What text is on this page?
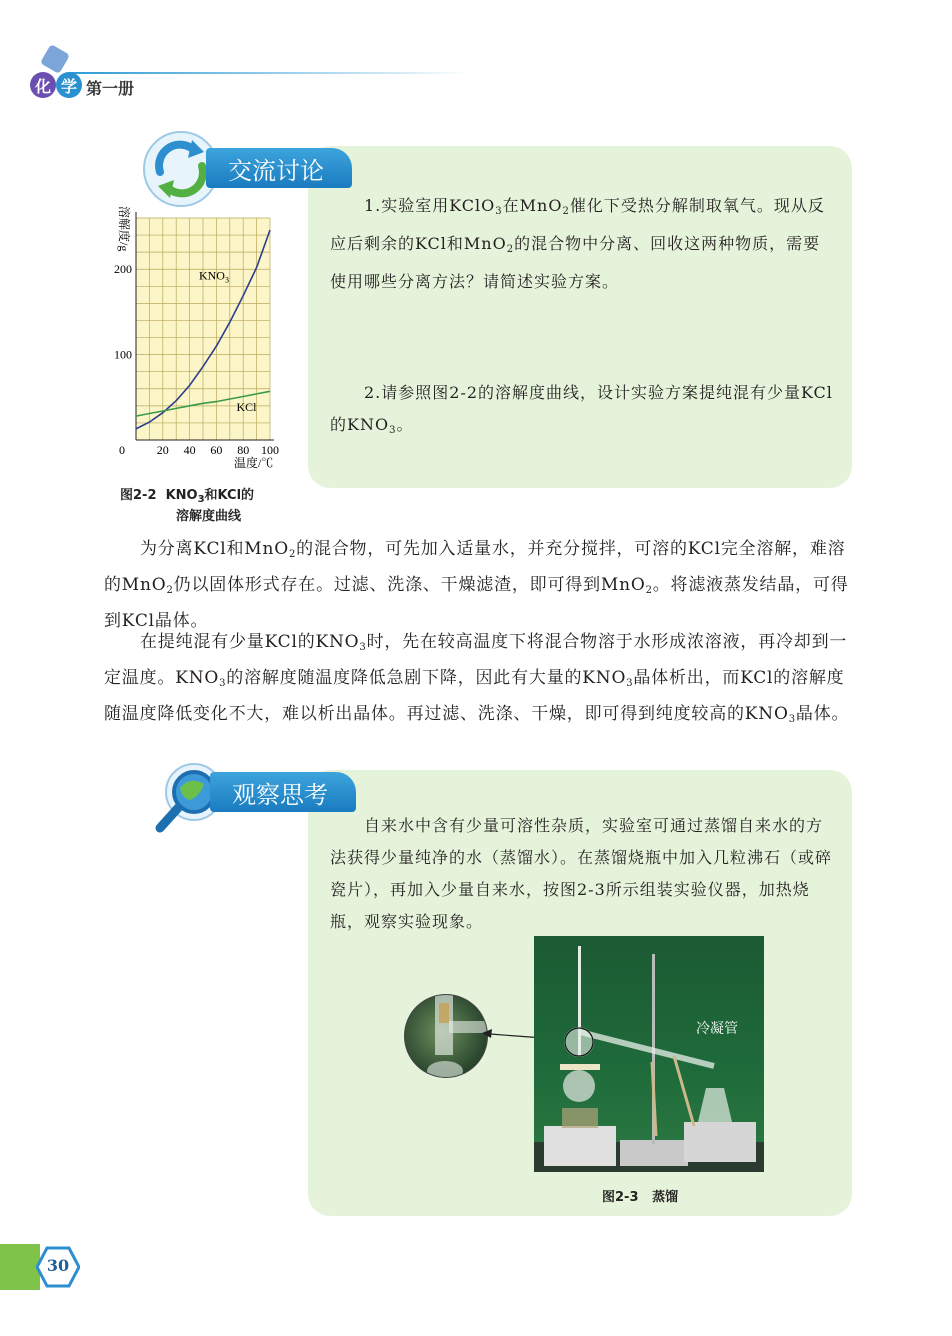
化 学 第一册
交流讨论
1.实验室用KClO$_3$在MnO$_2$催化下受热分解制取氧气。现从反应后剩余的KCl和MnO$_2$的混合物中分离、回收这两种物质，需要使用哪些分离方法？请简述实验方案。
2.请参照图2-2的溶解度曲线，设计实验方案提纯混有少量KCl的$KNO_3$。
$KNO_3$
KCl
0	20 40 60 80 100
100
200
溶解度/g
温度/℃
图2-2 $KNO_3$和KCl的
溶解度曲线
为分离KCl和MnO$_2$的混合物，可先加入适量水，并充分搅拌，可溶的KCl完全溶解，难溶的MnO$_2$仍以固体形式存在。过滤、洗涤、干燥滤渣，即可得到MnO$_2$。将滤液蒸发结晶，可得到KCl晶体。
在提纯混有少量KCl的$KNO_3$时，先在较高温度下将混合物溶于水形成浓溶液，再冷却到一定温度。$KNO_3$的溶解度随温度降低急剧下降，因此有大量的$KNO_3$晶体析出，而KCl的溶解度随温度降低变化不大，难以析出晶体。再过滤、洗涤、干燥，即可得到纯度较高的$KNO_3$晶体。
观察思考
自来水中含有少量可溶性杂质，实验室可通过蒸馏自来水的方法获得少量纯净的水（蒸馏水）。在蒸馏烧瓶中加入几粒沸石（或碎瓷片），再加入少量自来水，按图2-3所示组装实验仪器，加热烧瓶，观察实验现象。
冷凝管
图2-3 蒸馏
30
